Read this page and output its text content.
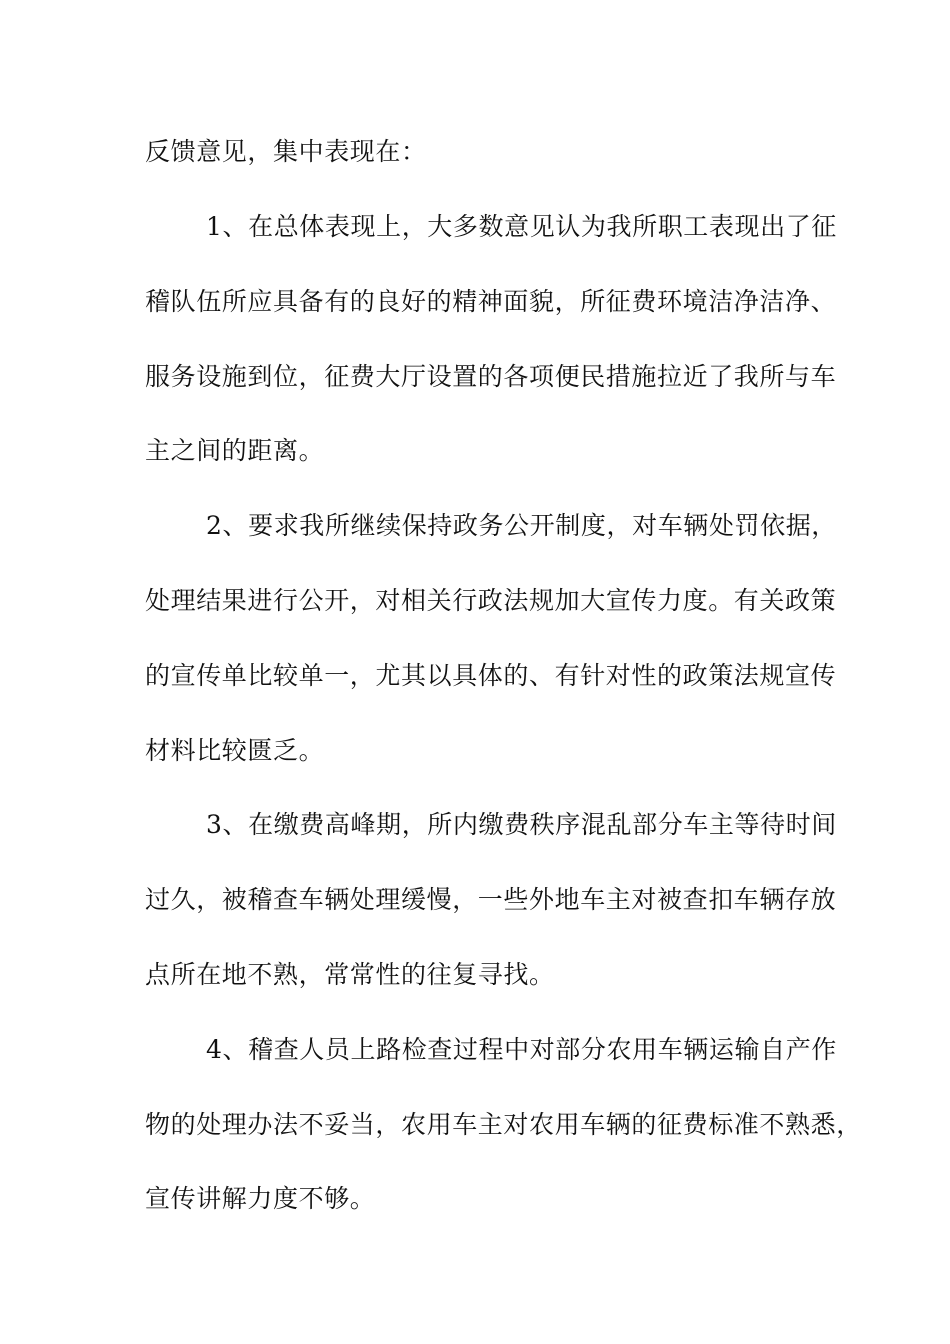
反馈意见，集中表现在：

1、在总体表现上，大多数意见认为我所职工表现出了征

稽队伍所应具备有的良好的精神面貌，所征费环境洁净洁净、

服务设施到位，征费大厅设置的各项便民措施拉近了我所与车

主之间的距离。

2、要求我所继续保持政务公开制度，对车辆处罚依据，

处理结果进行公开，对相关行政法规加大宣传力度。有关政策

的宣传单比较单一，尤其以具体的、有针对性的政策法规宣传

材料比较匮乏。

3、在缴费高峰期，所内缴费秩序混乱部分车主等待时间

过久，被稽查车辆处理缓慢，一些外地车主对被查扣车辆存放

点所在地不熟，常常性的往复寻找。

4、稽查人员上路检查过程中对部分农用车辆运输自产作

物的处理办法不妥当，农用车主对农用车辆的征费标准不熟悉，

宣传讲解力度不够。
